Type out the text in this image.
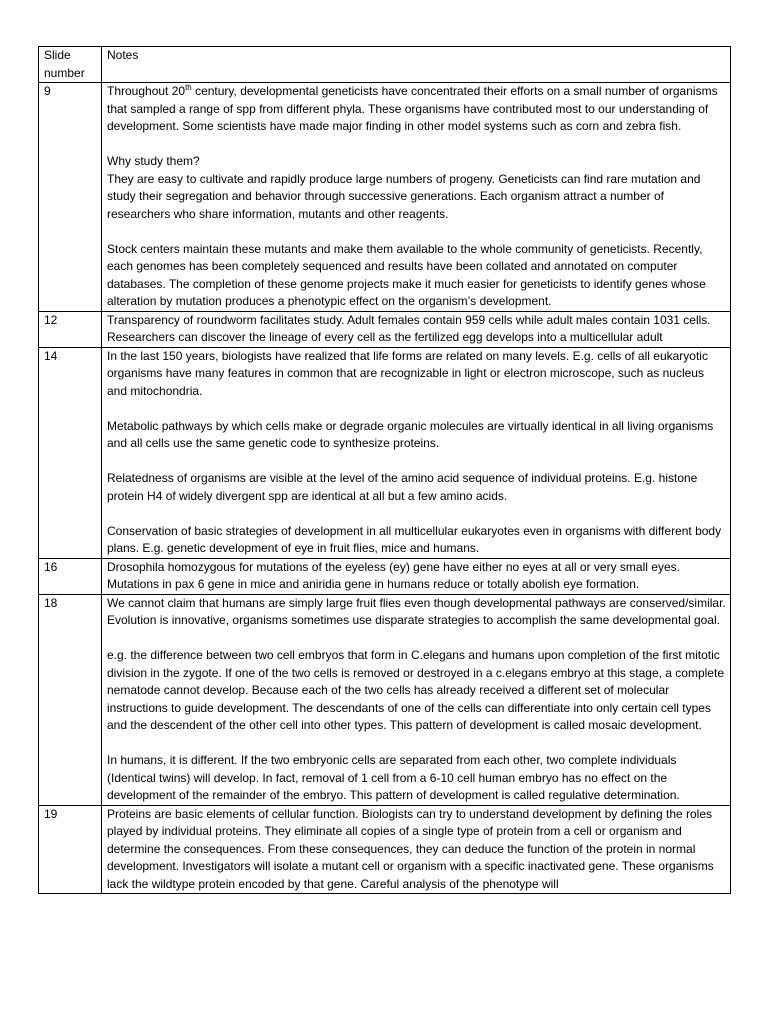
Slide number	Notes
9	Throughout 20th century, developmental geneticists have concentrated their efforts on a small number of organisms that sampled a range of spp from different phyla. These organisms have contributed most to our understanding of development. Some scientists have made major finding in other model systems such as corn and zebra fish.

Why study them?
They are easy to cultivate and rapidly produce large numbers of progeny. Geneticists can find rare mutation and study their segregation and behavior through successive generations. Each organism attract a number of researchers who share information, mutants and other reagents.

Stock centers maintain these mutants and make them available to the whole community of geneticists. Recently, each genomes has been completely sequenced and results have been collated and annotated on computer databases. The completion of these genome projects make it much easier for geneticists to identify genes whose alteration by mutation produces a phenotypic effect on the organism’s development.

12	Transparency of roundworm facilitates study. Adult females contain 959 cells while adult males contain 1031 cells. Researchers can discover the lineage of every cell as the fertilized egg develops into a multicellular adult

14	In the last 150 years, biologists have realized that life forms are related on many levels. E.g. cells of all eukaryotic organisms have many features in common that are recognizable in light or electron microscope, such as nucleus and mitochondria.

Metabolic pathways by which cells make or degrade organic molecules are virtually identical in all living organisms and all cells use the same genetic code to synthesize proteins.

Relatedness of organisms are visible at the level of the amino acid sequence of individual proteins. E.g. histone protein H4 of widely divergent spp are identical at all but a few amino acids.

Conservation of basic strategies of development in all multicellular eukaryotes even in organisms with different body plans. E.g. genetic development of eye in fruit flies, mice and humans.

16	Drosophila homozygous for mutations of the eyeless (ey) gene have either no eyes at all or very small eyes. Mutations in pax 6 gene in mice and aniridia gene in humans reduce or totally abolish eye formation.

18	We cannot claim that humans are simply large fruit flies even though developmental pathways are conserved/similar. Evolution is innovative, organisms sometimes use disparate strategies to accomplish the same developmental goal.

e.g. the difference between two cell embryos that form in C.elegans and humans upon completion of the first mitotic division in the zygote. If one of the two cells is removed or destroyed in a c.elegans embryo at this stage, a complete nematode cannot develop. Because each of the two cells has already received a different set of molecular instructions to guide development. The descendants of one of the cells can differentiate into only certain cell types and the descendent of the other cell into other types. This pattern of development is called mosaic development.

In humans, it is different. If the two embryonic cells are separated from each other, two complete individuals (Identical twins) will develop. In fact, removal of 1 cell from a 6-10 cell human embryo has no effect on the development of the remainder of the embryo. This pattern of development is called regulative determination.

19	Proteins are basic elements of cellular function. Biologists can try to understand development by defining the roles played by individual proteins. They eliminate all copies of a single type of protein from a cell or organism and determine the consequences. From these consequences, they can deduce the function of the protein in normal development. Investigators will isolate a mutant cell or organism with a specific inactivated gene. These organisms lack the wildtype protein encoded by that gene. Careful analysis of the phenotype will
